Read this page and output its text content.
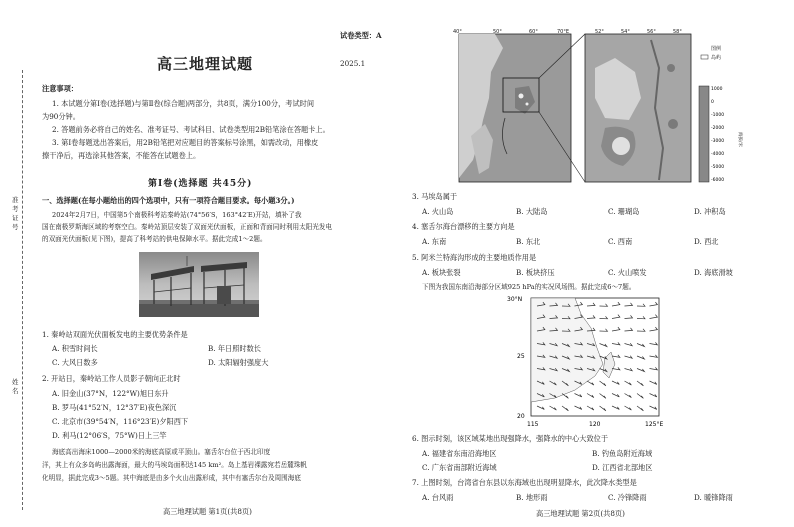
试卷类型：A
高三地理试题	2025.1
注意事项：
1. 本试题分第Ⅰ卷(选择题)与第Ⅱ卷(综合题)两部分，共8页，满分100分，考试时间
为90分钟。
2. 答题前务必将自己的姓名、准考证号、考试科目、试卷类型用2B铅笔涂在答题卡上。
3. 第Ⅰ卷每题选出答案后，用2B铅笔把对应题目的答案标号涂黑，如需改动，用橡皮
擦干净后，再选涂其他答案，不能答在试题卷上。
第Ⅰ卷(选择题 共45分)
一、选择题(在每小题给出的四个选项中，只有一项符合题目要求。每小题3分。)
2024年2月7日，中国第5个南极科考站秦岭站(74°56′S，163°42′E)开站，填补了我
国在南极罗斯海区域的考察空白。秦岭站顶层安装了双面光伏面板，正面和背面同时利用太阳光发电
的双面光伏面板(见下图)，提高了科考站的供电保障水平。据此完成1～2题。
1. 秦岭站双面光伏面板发电的主要优势条件是
A. 积雪时间长	B. 年日照时数长
C. 大风日数多	D. 太阳辐射强度大
2. 开站日，秦岭站工作人员影子朝向正北时
A. 旧金山(37°N，122°W)旭日东升
B. 罗马(41°52′N，12°37′E)夜色深沉
C. 北京市(39°54′N，116°23′E)夕阳西下
D. 利马(12°06′S，75°W)日上三竿
海底高出海床1000—2000米的海底高原或平顶山。塞舌尔台位于西北印度
洋，其上有众多岛屿出露海面，最大的马埃岛面积达145 km²。岛上基岩裸露宛若岳麓珠帆
化明显，据此完成3～5题。其中海底是由多个火山出露形成，其中有塞舌尔台及周围海底
高三地理试题 第1页(共8页)
准考证号
姓名
40°	50°	60°	70°E	52°	54°	56°	58°
图例
岛屿
1000
0
-1000
-2000
-3000
-4000
-5000
-6000
海拔/米
3. 马埃岛属于
A. 火山岛	B. 大陆岛	C. 珊瑚岛	D. 冲积岛
4. 塞舌尔海台漂移的主要方向是
A. 东南	B. 东北	C. 西南	D. 西北
5. 阿米兰特海沟形成的主要地质作用是
A. 板块张裂	B. 板块挤压	C. 火山喷发	D. 海底滑坡
下图为我国东南沿海部分区域925 hPa的实况风场图。据此完成6～7题。
30°N
25
20
115	120	125°E
6. 图示时刻，该区域某地出现强降水，强降水的中心大致位于
A. 福建省东南沿海地区	B. 钓鱼岛附近海域
C. 广东省南部附近海域	D. 江西省北部地区
7. 上图时刻，台湾省台东县以东海域也出现明显降水，此次降水类型是
A. 台风雨	B. 地形雨	C. 冷锋降雨	D. 暖锋降雨
高三地理试题 第2页(共8页)
